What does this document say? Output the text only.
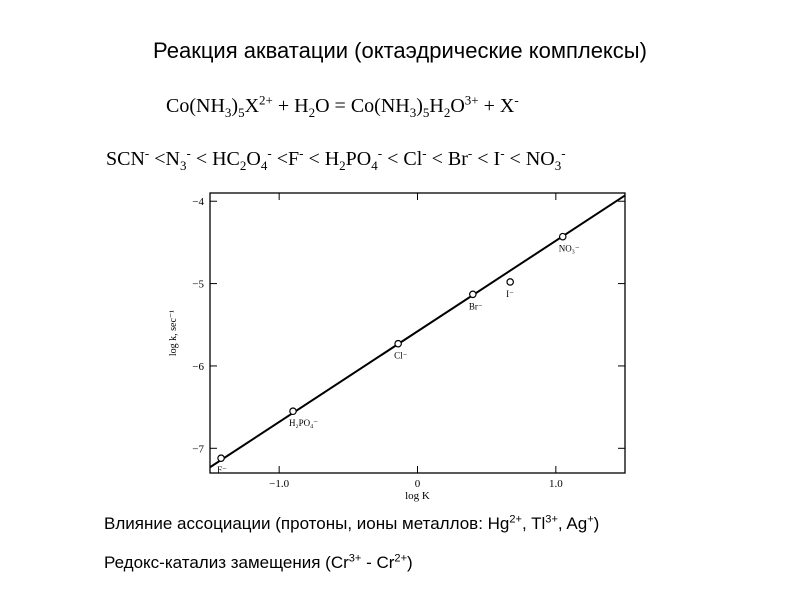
Реакция акватации (октаэдрические комплексы)
$Co(NH_3)_5X^{2+} + H_2O = Co(NH_3)_5H_2O^{3+} + X^-$
$SCN^- <N_3^- < HC_2O_4^- <F^- < H_2PO_4^- < Cl^- < Br^- < I^- < NO_3^-$
−1.0	0	1.0
−4
−5
−6
−7
F⁻
H₂PO₄⁻
Cl⁻
Br⁻
I⁻
NO₃⁻
log K
log k, sec⁻¹
Влияние ассоциации (протоны, ионы металлов: $Hg^{2+}$, $Tl^{3+}$, Ag+)
Редокс-катализ замещения $(Cr^{3+} - Cr^{2+})$
